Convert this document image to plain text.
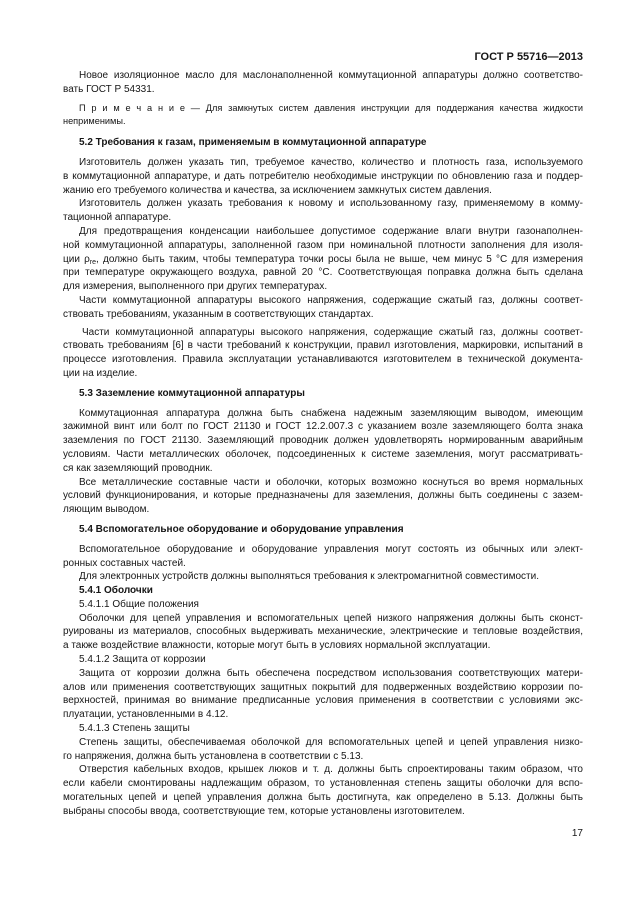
ГОСТ Р 55716—2013
Новое изоляционное масло для маслонаполненной коммутационной аппаратуры должно соответство-
вать ГОСТ Р 54331.
П р и м е ч а н и е — Для замкнутых систем давления инструкции для поддержания качества жидкости
неприменимы.
5.2 Требования к газам, применяемым в коммутационной аппаратуре
Изготовитель должен указать тип, требуемое качество, количество и плотность газа, используемого
в коммутационной аппаратуре, и дать потребителю необходимые инструкции по обновлению газа и поддер-
жанию его требуемого количества и качества, за исключением замкнутых систем давления.
Изготовитель должен указать требования к новому и использованному газу, применяемому в комму-
тационной аппаратуре.
Для предотвращения конденсации наибольшее допустимое содержание влаги внутри газонаполнен-
ной коммутационной аппаратуры, заполненной газом при номинальной плотности заполнения для изоля-
ции $\rho_{re}$, должно быть таким, чтобы температура точки росы была не выше, чем минус 5 °С для измерения
при температуре окружающего воздуха, равной 20 °С. Соответствующая поправка должна быть сделана
для измерения, выполненного при других температурах.
Части коммутационной аппаратуры высокого напряжения, содержащие сжатый газ, должны соответ-
ствовать требованиям, указанным в соответствующих стандартах.
Части коммутационной аппаратуры высокого напряжения, содержащие сжатый газ, должны соответ-
ствовать требованиям [6] в части требований к конструкции, правил изготовления, маркировки, испытаний в
процессе изготовления. Правила эксплуатации устанавливаются изготовителем в технической документа-
ции на изделие.
5.3 Заземление коммутационной аппаратуры
Коммутационная аппаратура должна быть снабжена надежным заземляющим выводом, имеющим
зажимной винт или болт по ГОСТ 21130 и ГОСТ 12.2.007.3 с указанием возле заземляющего болта знака
заземления по ГОСТ 21130. Заземляющий проводник должен удовлетворять нормированным аварийным
условиям. Части металлических оболочек, подсоединенных к системе заземления, могут рассматривать-
ся как заземляющий проводник.
Все металлические составные части и оболочки, которых возможно коснуться во время нормальных
условий функционирования, и которые предназначены для заземления, должны быть соединены с зазем-
ляющим выводом.
5.4 Вспомогательное оборудование и оборудование управления
Вспомогательное оборудование и оборудование управления могут состоять из обычных или элект-
ронных составных частей.
Для электронных устройств должны выполняться требования к электромагнитной совместимости.
5.4.1 Оболочки
5.4.1.1 Общие положения
Оболочки для цепей управления и вспомогательных цепей низкого напряжения должны быть сконст-
руированы из материалов, способных выдерживать механические, электрические и тепловые воздействия,
а также воздействие влажности, которые могут быть в условиях нормальной эксплуатации.
5.4.1.2 Защита от коррозии
Защита от коррозии должна быть обеспечена посредством использования соответствующих матери-
алов или применения соответствующих защитных покрытий для подверженных воздействию коррозии по-
верхностей, принимая во внимание предписанные условия применения в соответствии с условиями экс-
плуатации, установленными в 4.12.
5.4.1.3 Степень защиты
Степень защиты, обеспечиваемая оболочкой для вспомогательных цепей и цепей управления низко-
го напряжения, должна быть установлена в соответствии с 5.13.
Отверстия кабельных входов, крышек люков и т. д. должны быть спроектированы таким образом, что
если кабели смонтированы надлежащим образом, то установленная степень защиты оболочки для вспо-
могательных цепей и цепей управления должна быть достигнута, как определено в 5.13. Должны быть
выбраны способы ввода, соответствующие тем, которые установлены изготовителем.
17
